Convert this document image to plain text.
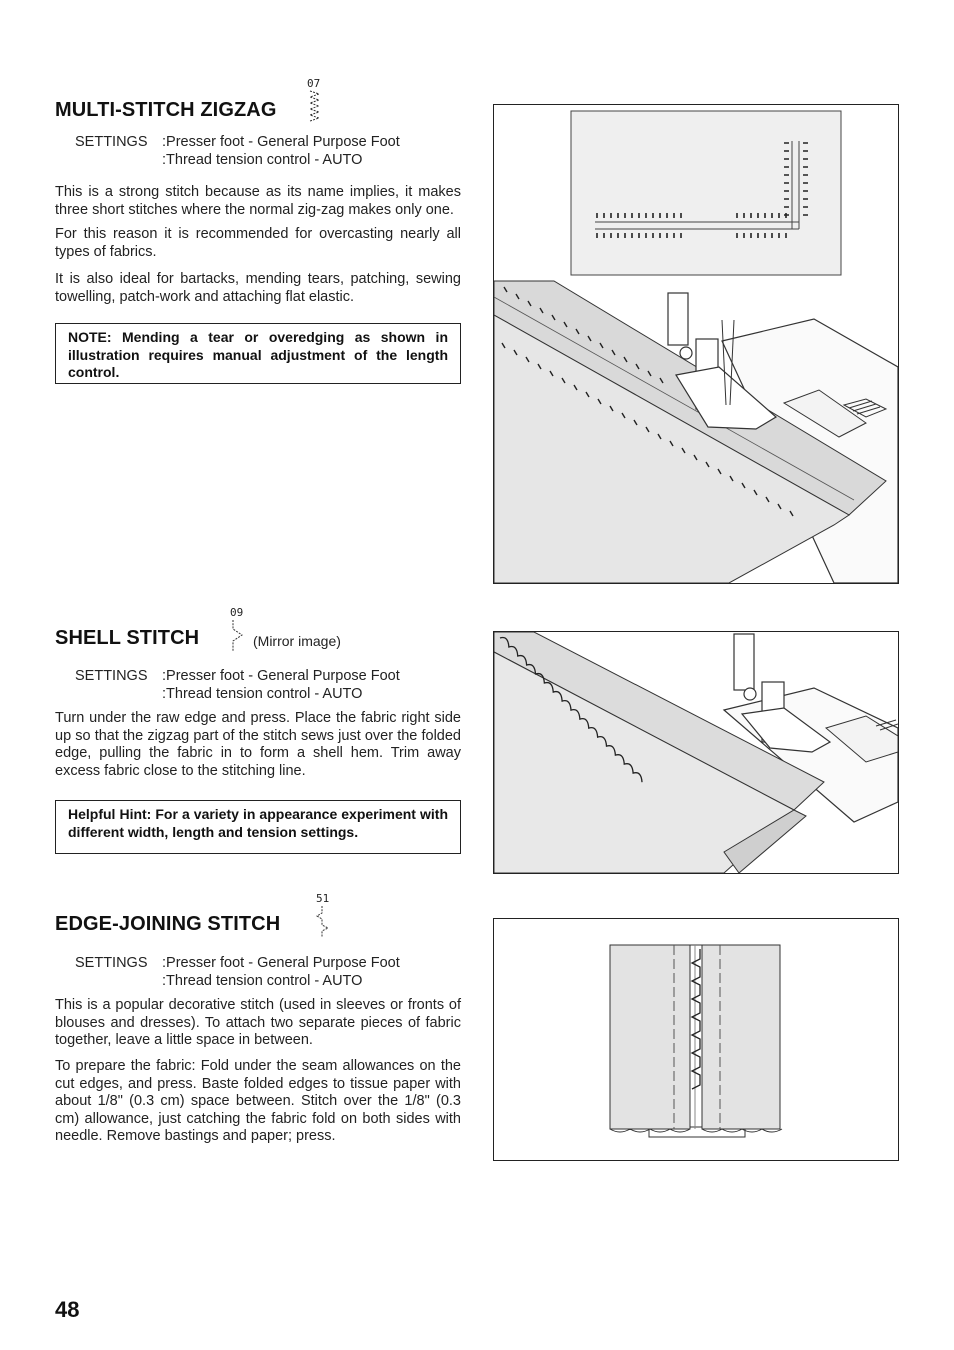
MULTI-STITCH ZIGZAG
07
SETTINGS :Presser foot - General Purpose Foot
:Thread tension control - AUTO

This is a strong stitch because as its name implies, it makes three short stitches where the normal zig-zag makes only one.

For this reason it is recommended for overcasting nearly all types of fabrics.

It is also ideal for bartacks, mending tears, patching, sewing towelling, patch-work and attaching flat elastic.

NOTE: Mending a tear or overedging as shown in illustration requires manual adjustment of the length control.
SHELL STITCH
09
(Mirror image)
SETTINGS :Presser foot - General Purpose Foot
:Thread tension control - AUTO

Turn under the raw edge and press. Place the fabric right side up so that the zigzag part of the stitch sews just over the folded edge, pulling the fabric in to form a shell hem. Trim away excess fabric close to the stitching line.

Helpful Hint: For a variety in appearance experiment with different width, length and tension settings.
EDGE-JOINING STITCH
51
SETTINGS :Presser foot - General Purpose Foot
:Thread tension control - AUTO

This is a popular decorative stitch (used in sleeves or fronts of blouses and dresses). To attach two separate pieces of fabric together, leave a little space in between.

To prepare the fabric: Fold under the seam allowances on the cut edges, and press. Baste folded edges to tissue paper with about 1/8" (0.3 cm) space between. Stitch over the 1/8" (0.3 cm) allowance, just catching the fabric fold on both sides with needle. Remove bastings and paper; press.

48
